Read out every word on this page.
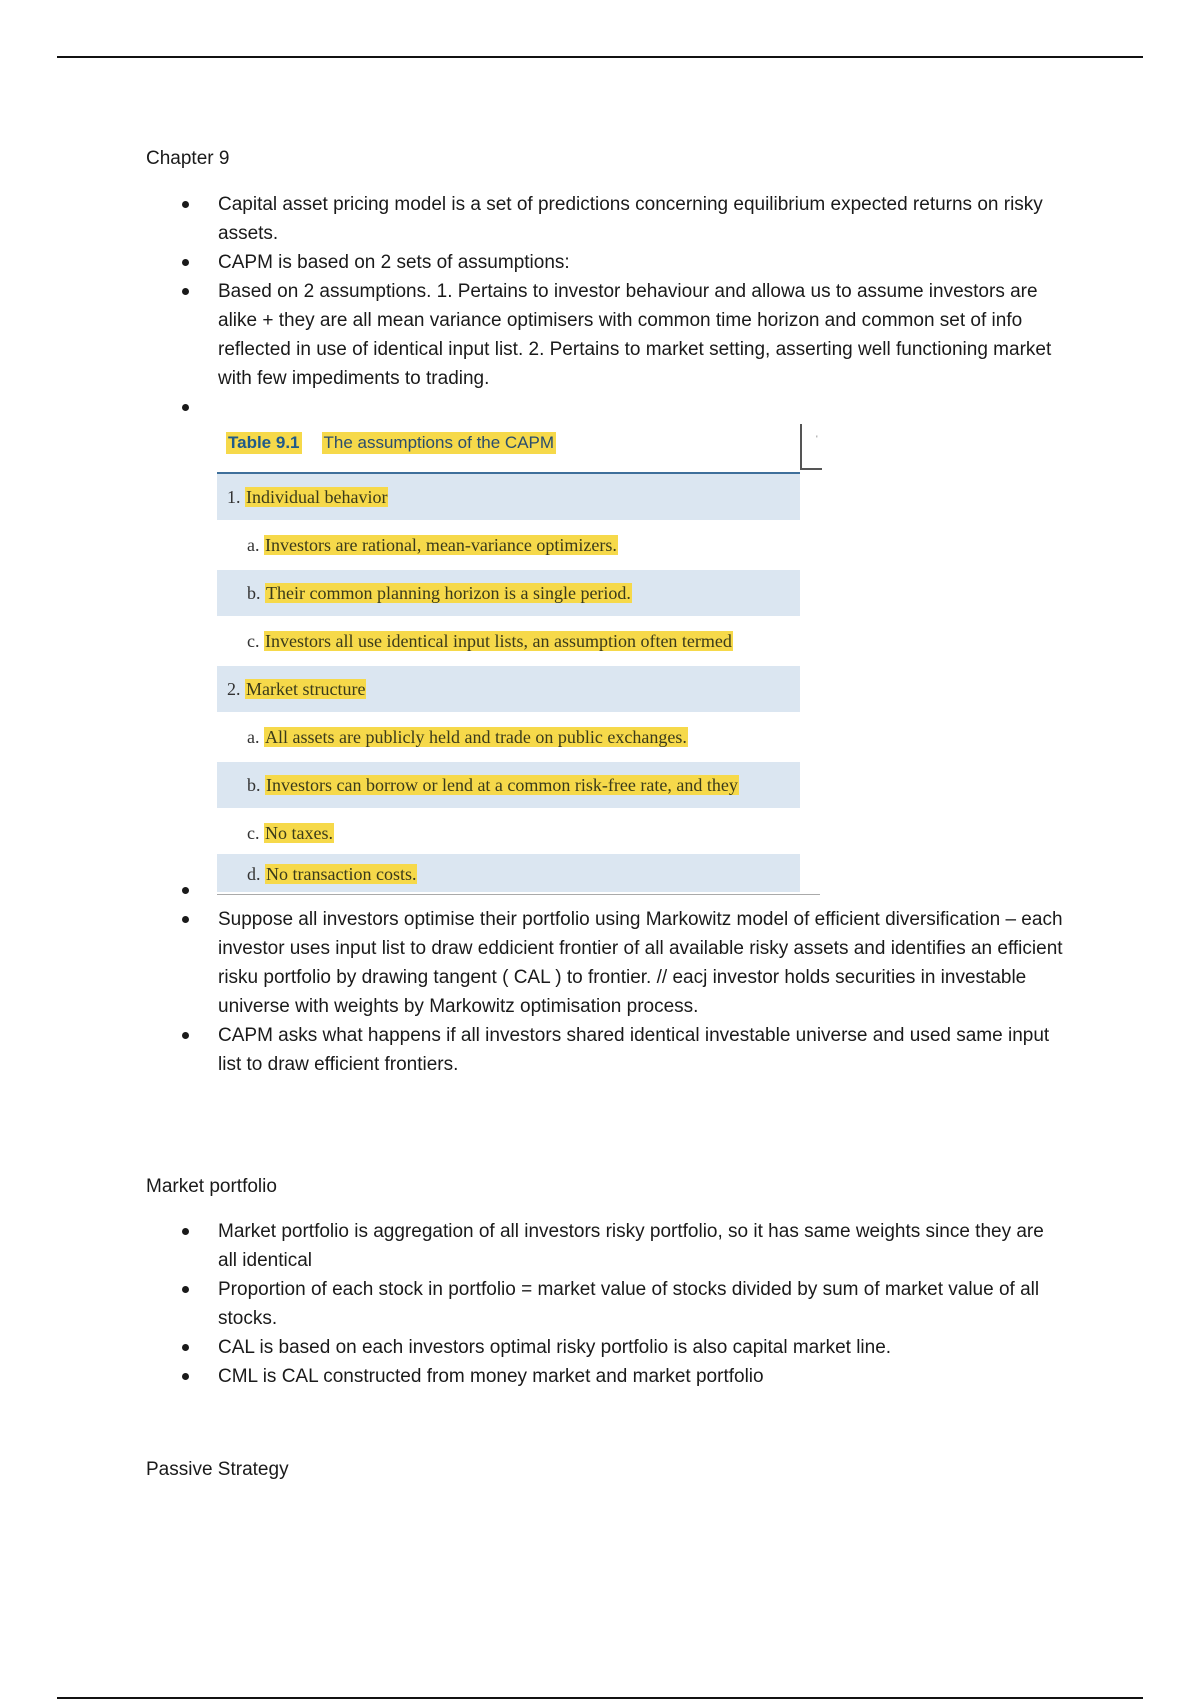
Chapter 9
Capital asset pricing model is a set of predictions concerning equilibrium expected returns on risky assets.
CAPM is based on 2 sets of assumptions:
Based on 2 assumptions. 1. Pertains to investor behaviour and allowa us to assume investors are alike + they are all mean variance optimisers with common time horizon and common set of info reflected in use of identical input list. 2. Pertains to market setting, asserting well functioning market with few impediments to trading.
Table 9.1 The assumptions of the CAPM	'
1. Individual behavior
a. Investors are rational, mean-variance optimizers.
b. Their common planning horizon is a single period.
c. Investors all use identical input lists, an assumption often termed
2. Market structure
a. All assets are publicly held and trade on public exchanges.
b. Investors can borrow or lend at a common risk-free rate, and they
c. No taxes.
d. No transaction costs.
Suppose all investors optimise their portfolio using Markowitz model of efficient diversification – each investor uses input list to draw eddicient frontier of all available risky assets and identifies an efficient risku portfolio by drawing tangent ( CAL ) to frontier. // eacj investor holds securities in investable universe with weights by Markowitz optimisation process.
CAPM asks what happens if all investors shared identical investable universe and used same input list to draw efficient frontiers.
Market portfolio
Market portfolio is aggregation of all investors risky portfolio, so it has same weights since they are all identical
Proportion of each stock in portfolio = market value of stocks divided by sum of market value of all stocks.
CAL is based on each investors optimal risky portfolio is also capital market line.
CML is CAL constructed from money market and market portfolio
Passive Strategy
